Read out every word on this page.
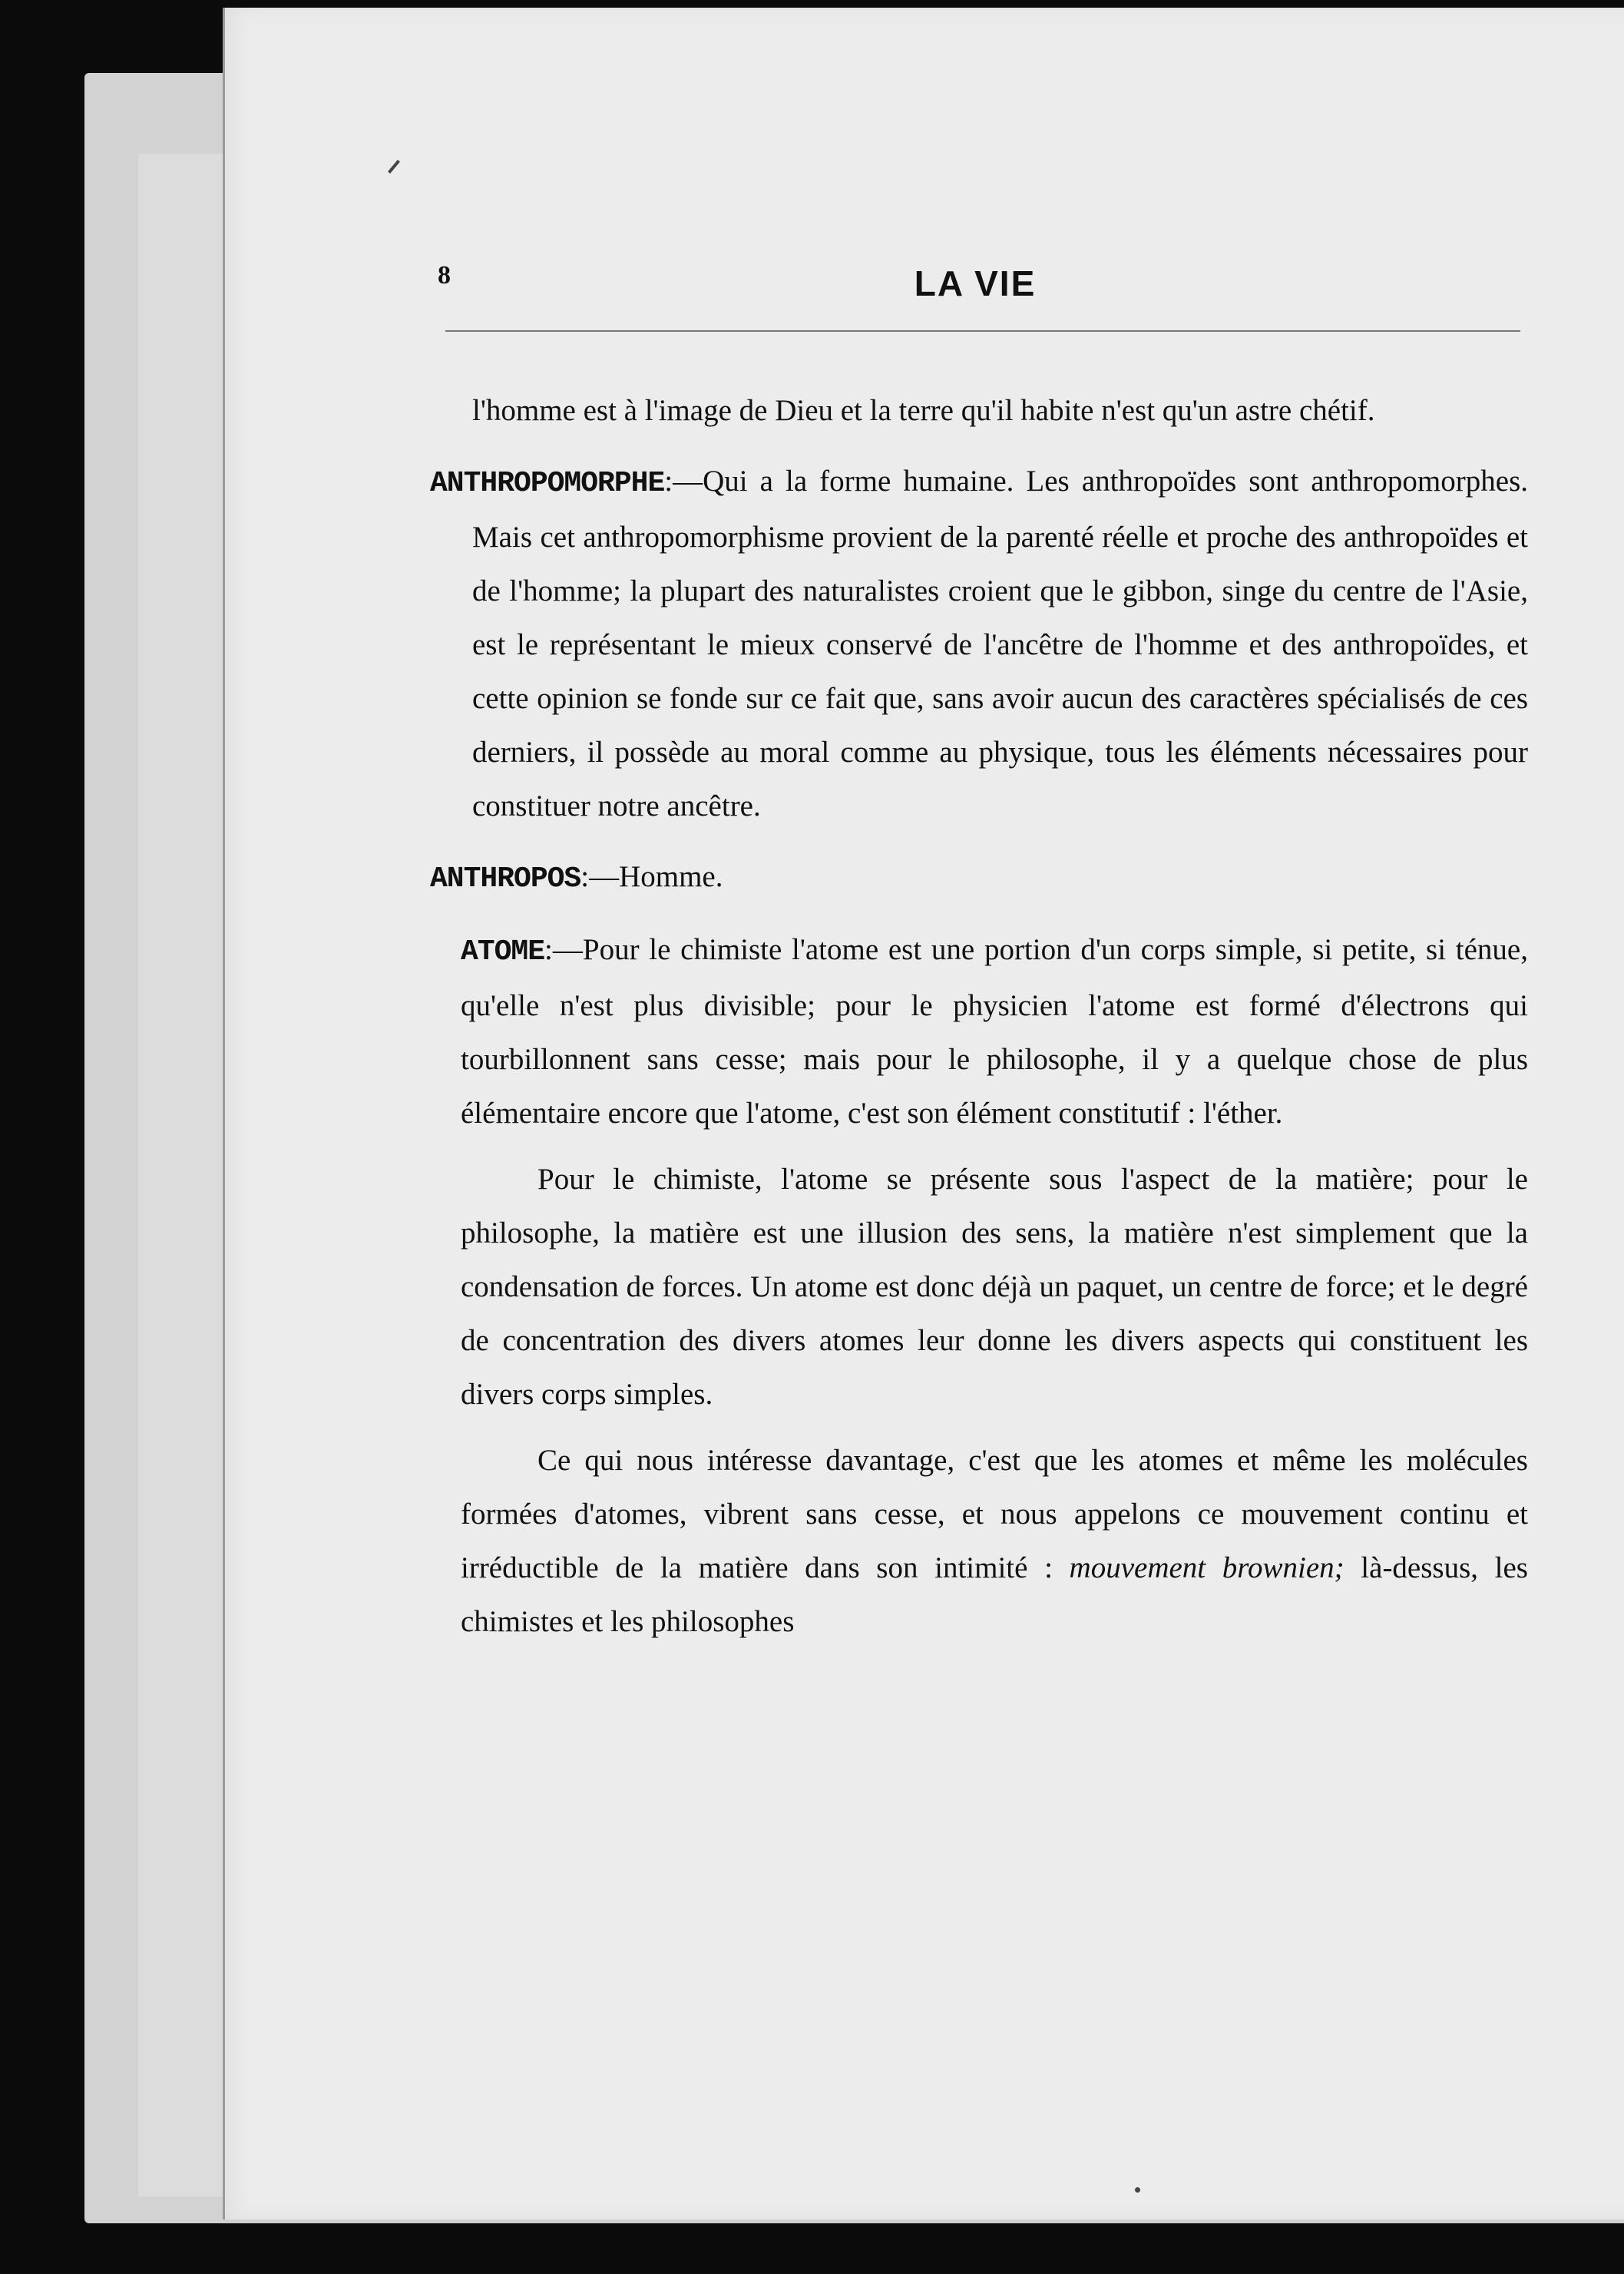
8	LA VIE

l'homme est à l'image de Dieu et la terre qu'il habite n'est qu'un astre chétif.

ANTHROPOMORPHE:—Qui a la forme humaine. Les anthropoïdes sont anthropomorphes. Mais cet anthropomorphisme provient de la parenté réelle et proche des anthropoïdes et de l'homme; la plupart des naturalistes croient que le gibbon, singe du centre de l'Asie, est le représentant le mieux conservé de l'ancêtre de l'homme et des anthropoïdes, et cette opinion se fonde sur ce fait que, sans avoir aucun des caractères spécialisés de ces derniers, il possède au moral comme au physique, tous les éléments nécessaires pour constituer notre ancêtre.

ANTHROPOS:—Homme.

ATOME:—Pour le chimiste l'atome est une portion d'un corps simple, si petite, si ténue, qu'elle n'est plus divisible; pour le physicien l'atome est formé d'électrons qui tourbillonnent sans cesse; mais pour le philosophe, il y a quelque chose de plus élémentaire encore que l'atome, c'est son élément constitutif : l'éther.

Pour le chimiste, l'atome se présente sous l'aspect de la matière; pour le philosophe, la matière est une illusion des sens, la matière n'est simplement que la condensation de forces. Un atome est donc déjà un paquet, un centre de force; et le degré de concentration des divers atomes leur donne les divers aspects qui constituent les divers corps simples.

Ce qui nous intéresse davantage, c'est que les atomes et même les molécules formées d'atomes, vibrent sans cesse, et nous appelons ce mouvement continu et irréductible de la matière dans son intimité : mouvement brownien; là-dessus, les chimistes et les philosophes
